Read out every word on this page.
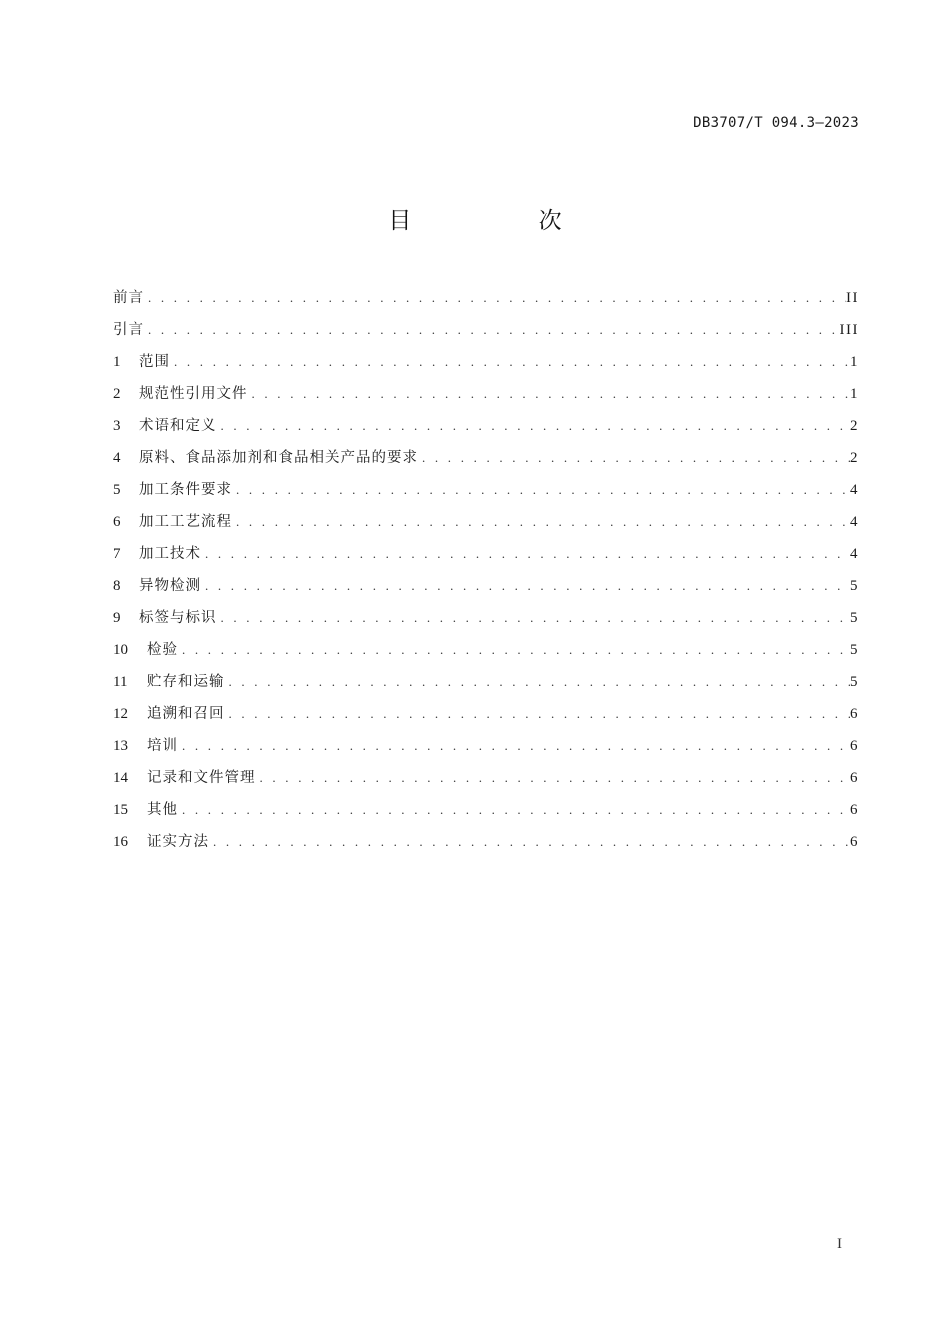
DB3707/T 094.3—2023
目 次
前言 . . .	II
引言 . . .	III
1	范围 . . .	1
2	规范性引用文件 . . .	1
3	术语和定义 . . .	2
4	原料、食品添加剂和食品相关产品的要求 . . .	2
5	加工条件要求 . . .	4
6	加工工艺流程 . . .	4
7	加工技术 . . .	4
8	异物检测 . . .	5
9	标签与标识 . . .	5
10	检验 . . .	5
11	贮存和运输 . . .	5
12	追溯和召回 . . .	6
13	培训 . . .	6
14	记录和文件管理 . . .	6
15	其他 . . .	6
16	证实方法 . . .	6
I
